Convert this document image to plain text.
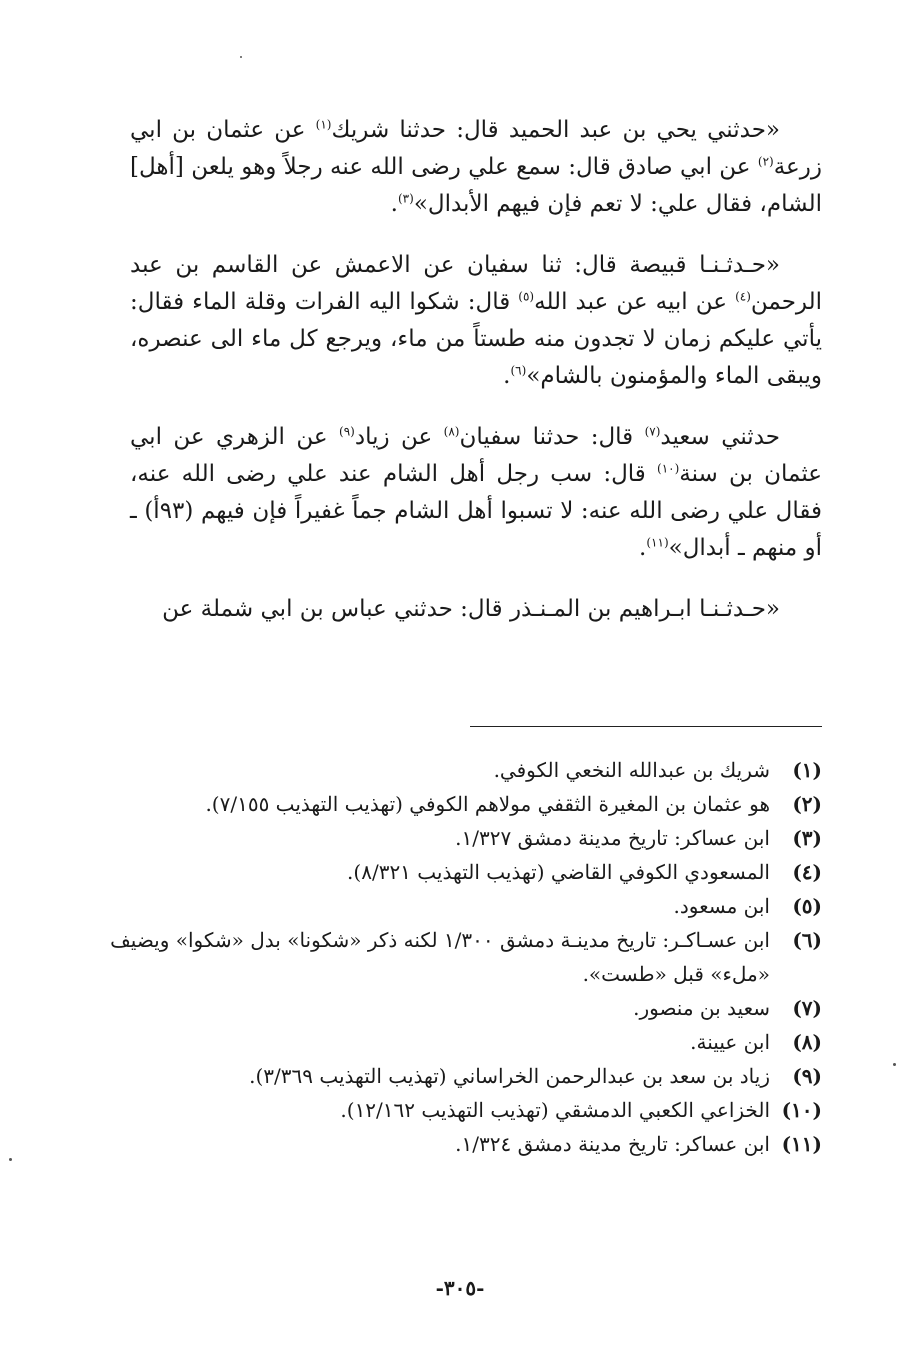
«حدثني يحي بن عبد الحميد قال: حدثنا شريك$^{(١)}$ عن عثمان بن ابي زرعة$^{(٢)}$ عن ابي صادق قال: سمع علي رضى الله عنه رجلاً وهو يلعن [أهل] الشام، فقال علي: لا تعم فإن فيهم الأبدال»$^{(٣)}$.

«حـدثـنـا قبيصة قال: ثنا سفيان عن الاعمش عن القاسم بن عبد الرحمن$^{(٤)}$ عن ابيه عن عبد الله$^{(٥)}$ قال: شكوا اليه الفرات وقلة الماء فقال: يأتي عليكم زمان لا تجدون منه طستاً من ماء، ويرجع كل ماء الى عنصره، ويبقى الماء والمؤمنون بالشام»$^{(٦)}$.

حدثني سعيد$^{(٧)}$ قال: حدثنا سفيان$^{(٨)}$ عن زياد$^{(٩)}$ عن الزهري عن ابي عثمان بن سنة$^{(١٠)}$ قال: سب رجل أهل الشام عند علي رضى الله عنه، فقال علي رضى الله عنه: لا تسبوا أهل الشام جماً غفيراً فإن فيهم (٩٣أ) ـ أو منهم ـ أبدال»$^{(١١)}$.

«حـدثـنـا ابـراهيم بن المـنـذر قال: حدثني عباس بن ابي شملة عن

(١)
شريك بن عبدالله النخعي الكوفي.
(٢)
هو عثمان بن المغيرة الثقفي مولاهم الكوفي (تهذيب التهذيب ٧/١٥٥).
(٣)
ابن عساكر: تاريخ مدينة دمشق ١/٣٢٧.
(٤)
المسعودي الكوفي القاضي (تهذيب التهذيب ٨/٣٢١).
(٥)
ابن مسعود.
(٦)
ابن عسـاكـر: تاريخ مدينـة دمشق ١/٣٠٠ لكنه ذكر «شكونا» بدل «شكوا» ويضيف «ملء» قبل «طست».
(٧)
سعيد بن منصور.
(٨)
ابن عيينة.
(٩)
زياد بن سعد بن عبدالرحمن الخراساني (تهذيب التهذيب ٣/٣٦٩).
(١٠)
الخزاعي الكعبي الدمشقي (تهذيب التهذيب ١٢/١٦٢).
(١١)
ابن عساكر: تاريخ مدينة دمشق ١/٣٢٤.
-٣٠٥-
